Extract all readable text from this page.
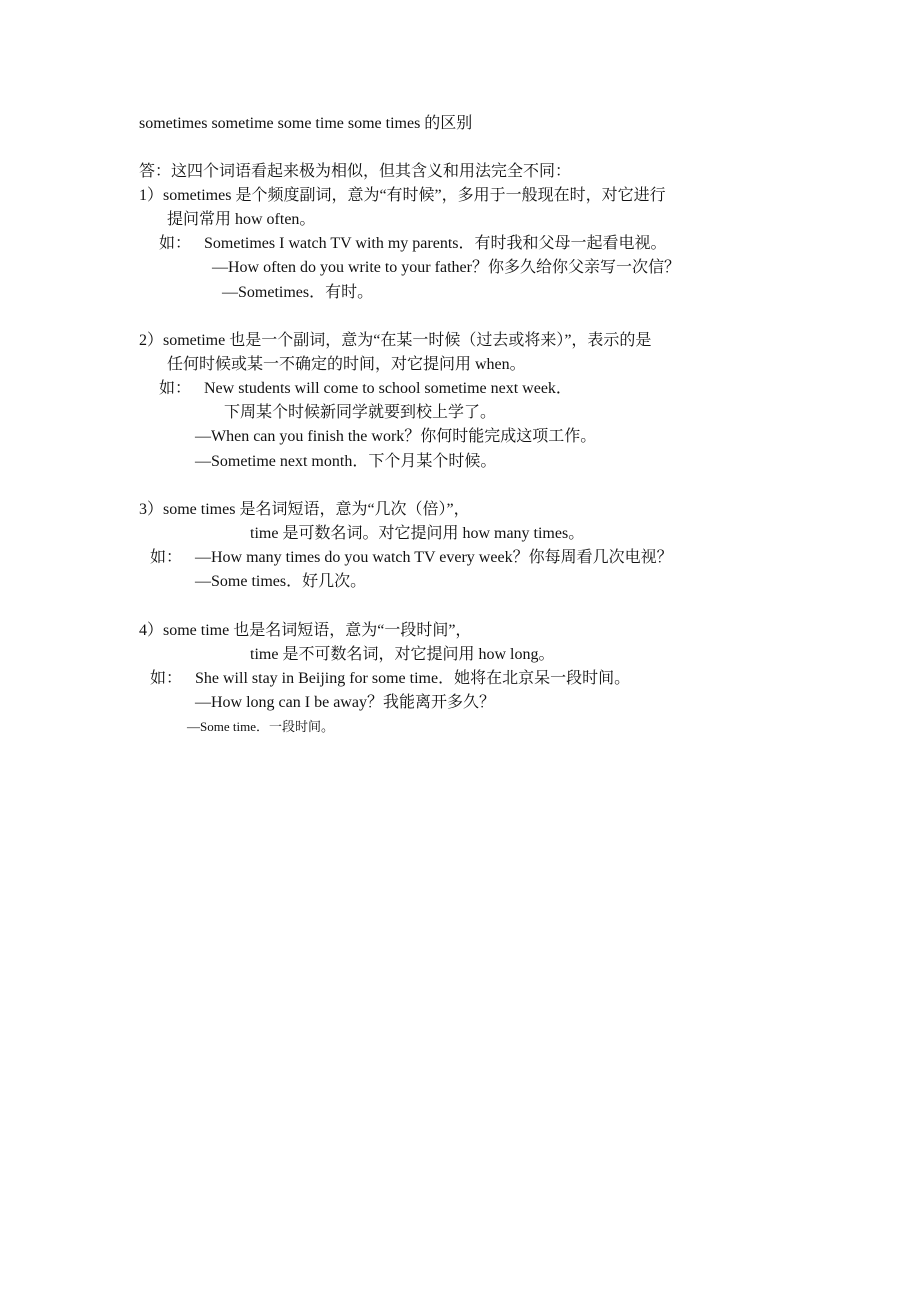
sometimes sometime some time some times 的区别
答：这四个词语看起来极为相似，但其含义和用法完全不同：
1）sometimes 是个频度副词，意为“有时候”，多用于一般现在时，对它进行
提问常用 how often。
如： Sometimes I watch TV with my parents．有时我和父母一起看电视。
—How often do you write to your father？你多久给你父亲写一次信？
—Sometimes．有时。
2）sometime 也是一个副词，意为“在某一时候（过去或将来）”，表示的是
任何时候或某一不确定的时间，对它提问用 when。
如： New students will come to school sometime next week．
下周某个时候新同学就要到校上学了。
—When can you finish the work？你何时能完成这项工作。
—Sometime next month．下个月某个时候。
3）some times 是名词短语，意为“几次（倍）”，
time 是可数名词。对它提问用 how many times。
如： —How many times do you watch TV every week？你每周看几次电视？
—Some times．好几次。
4）some time 也是名词短语，意为“一段时间”，
time 是不可数名词，对它提问用 how long。
如： She will stay in Beijing for some time．她将在北京呆一段时间。
—How long can I be away？我能离开多久？
—Some time．一段时间。
